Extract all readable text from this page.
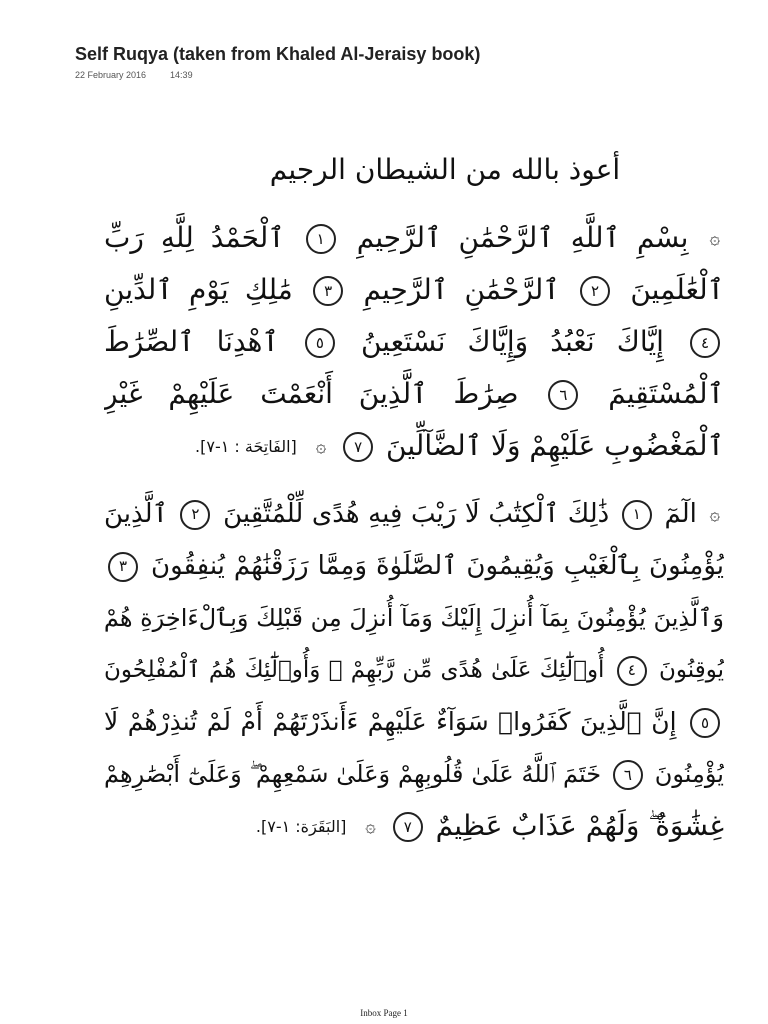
Self Ruqya (taken from Khaled Al-Jeraisy book)
22 February 2016	14:39
أعوذ بالله من الشيطان الرجيم
۞ بِسْمِ ٱللَّهِ ٱلرَّحْمَٰنِ ٱلرَّحِيمِ ١ ٱلْحَمْدُ لِلَّهِ رَبِّ
ٱلْعَٰلَمِينَ ٢ ٱلرَّحْمَٰنِ ٱلرَّحِيمِ ٣ مَٰلِكِ يَوْمِ ٱلدِّينِ
٤ إِيَّاكَ نَعْبُدُ وَإِيَّاكَ نَسْتَعِينُ ٥ ٱهْدِنَا ٱلصِّرَٰطَ
ٱلْمُسْتَقِيمَ ٦ صِرَٰطَ ٱلَّذِينَ أَنْعَمْتَ عَلَيْهِمْ غَيْرِ
ٱلْمَغْضُوبِ عَلَيْهِمْ وَلَا ٱلضَّآلِّينَ ٧ ۞ [الفَاتِحَة : ١-٧].
۞ الٓمٓ ١ ذَٰلِكَ ٱلْكِتَٰبُ لَا رَيْبَ فِيهِ هُدًى لِّلْمُتَّقِينَ ٢ ٱلَّذِينَ
يُؤْمِنُونَ بِٱلْغَيْبِ وَيُقِيمُونَ ٱلصَّلَوٰةَ وَمِمَّا رَزَقْنَٰهُمْ يُنفِقُونَ ٣
وَٱلَّذِينَ يُؤْمِنُونَ بِمَآ أُنزِلَ إِلَيْكَ وَمَآ أُنزِلَ مِن قَبْلِكَ وَبِٱلْءَاخِرَةِ هُمْ
يُوقِنُونَ ٤ أُو۟لَٰٓئِكَ عَلَىٰ هُدًى مِّن رَّبِّهِمْ ۖ وَأُو۟لَٰٓئِكَ هُمُ ٱلْمُفْلِحُونَ
٥ إِنَّ ٱلَّذِينَ كَفَرُوا۟ سَوَآءٌ عَلَيْهِمْ ءَأَنذَرْتَهُمْ أَمْ لَمْ تُنذِرْهُمْ لَا
يُؤْمِنُونَ ٦ خَتَمَ ٱللَّهُ عَلَىٰ قُلُوبِهِمْ وَعَلَىٰ سَمْعِهِمْ ۖ وَعَلَىٰٓ أَبْصَٰرِهِمْ
غِشَٰوَةٌ ۖ وَلَهُمْ عَذَابٌ عَظِيمٌ ٧ ۞ [البَقَرَة: ١-٧].
Inbox Page 1
